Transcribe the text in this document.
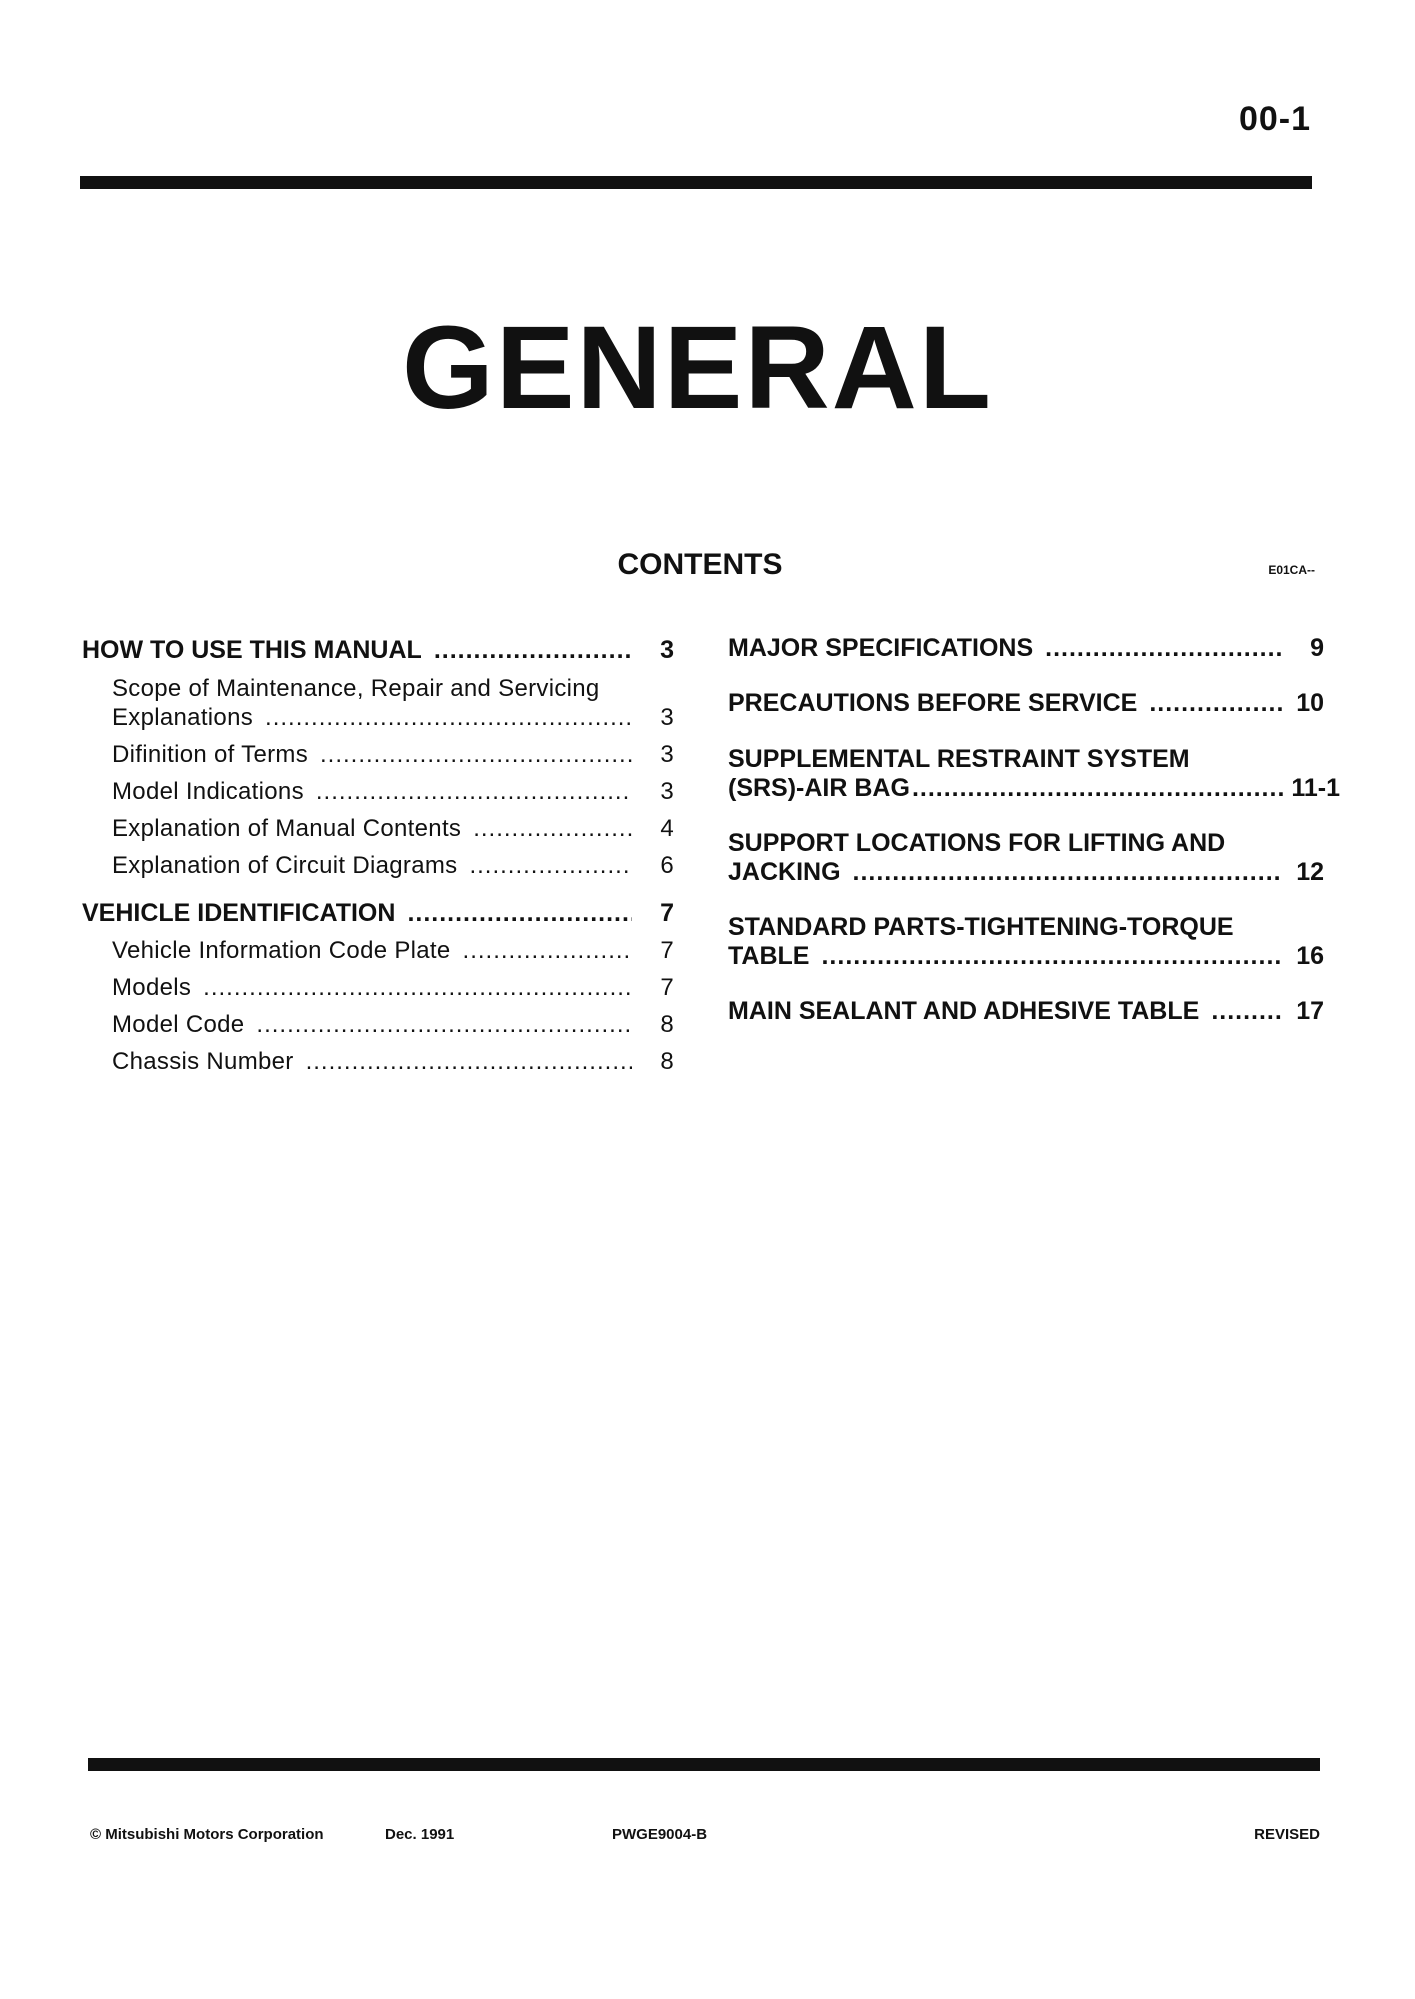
00-1
GENERAL
CONTENTS	E01CA--
HOW TO USE THIS MANUAL .....	3
Scope of Maintenance, Repair and Servicing
Explanations .....	3
Difinition of Terms .....	3
Model Indications .....	3
Explanation of Manual Contents .....	4
Explanation of Circuit Diagrams .....	6
VEHICLE IDENTIFICATION .....	7
Vehicle Information Code Plate .....	7
Models .....	7
Model Code .....	8
Chassis Number .....	8
MAJOR SPECIFICATIONS .....	9
PRECAUTIONS BEFORE SERVICE .....	10
SUPPLEMENTAL RESTRAINT SYSTEM
(SRS)-AIR BAG .....	11-1
SUPPORT LOCATIONS FOR LIFTING AND
JACKING .....	12
STANDARD PARTS-TIGHTENING-TORQUE
TABLE .....	16
MAIN SEALANT AND ADHESIVE TABLE .....	17
© Mitsubishi Motors Corporation	Dec. 1991	PWGE9004-B	REVISED
